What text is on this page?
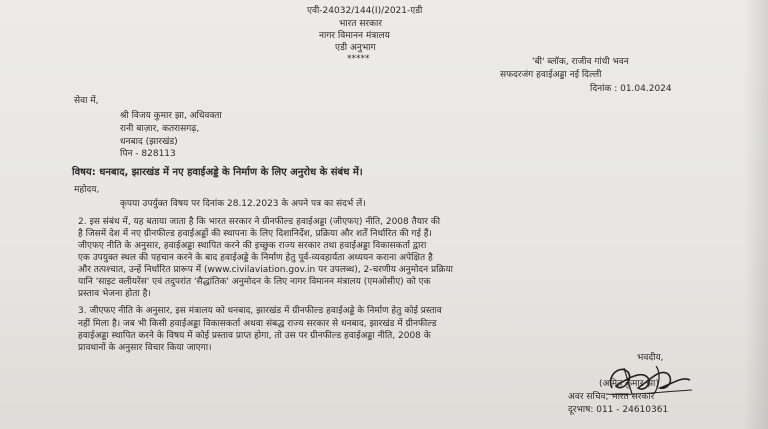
एवी-24032/144(I)/2021-एडी
भारत सरकार
नागर विमानन मंत्रालय
एडी अनुभाग
*****	'बी' ब्लॉक, राजीव गांधी भवन
सफदरजंग हवाईअड्डा नई दिल्ली
दिनांक : 01.04.2024
सेवा में,
श्री विजय कुमार झा, अधिवक्ता
रानी बाज़ार, कतरासगढ़,
धनबाद (झारखंड)
पिन - 828113
विषय: धनबाद, झारखंड में नए हवाईअड्डे के निर्माण के लिए अनुरोध के संबंध में।
महोदय,
कृपया उपर्युक्त विषय पर दिनांक 28.12.2023 के अपने पत्र का संदर्भ लें।
2. इस संबंध में, यह बताया जाता है कि भारत सरकार ने ग्रीनफील्ड हवाईअड्डा (जीएफए) नीति, 2008 तैयार की
है जिसमें देश में नए ग्रीनफील्ड हवाईअड्डों की स्थापना के लिए दिशानिर्देश, प्रक्रिया और शर्तें निर्धारित की गई हैं।
जीएफए नीति के अनुसार, हवाईअड्डा स्थापित करने की इच्छुक राज्य सरकार तथा हवाईअड्डा विकासकर्ता द्वारा
एक उपयुक्त स्थल की पहचान करने के बाद हवाईअड्डे के निर्माण हेतु पूर्व-व्यवहार्यता अध्ययन कराना अपेक्षित है
और तत्पश्चात, उन्हें निर्धारित प्रारूप में (www.civilaviation.gov.in पर उपलब्ध), 2-चरणीय अनुमोदन प्रक्रिया
यानि 'साइट क्लीयरेंस' एवं तदुपरांत 'सैद्धांतिक' अनुमोदन के लिए नागर विमानन मंत्रालय (एमओसीए) को एक
प्रस्ताव भेजना होता है।
3. जीएफए नीति के अनुसार, इस मंत्रालय को धनबाद, झारखंड में ग्रीनफील्ड हवाईअड्डे के निर्माण हेतु कोई प्रस्ताव
नहीं मिला है। जब भी किसी हवाईअड्डा विकासकर्ता अथवा संबद्ध राज्य सरकार से धनबाद, झारखंड में ग्रीनफील्ड
हवाईअड्डा स्थापित करने के विषय में कोई प्रस्ताव प्राप्त होगा, तो उस पर ग्रीनफील्ड हवाईअड्डा नीति, 2008 के
प्रावधानों के अनुसार विचार किया जाएगा।
भवदीय,
(अमित कुमार झा)
अवर सचिव, भारत सरकार
दूरभाष: 011 - 24610361
